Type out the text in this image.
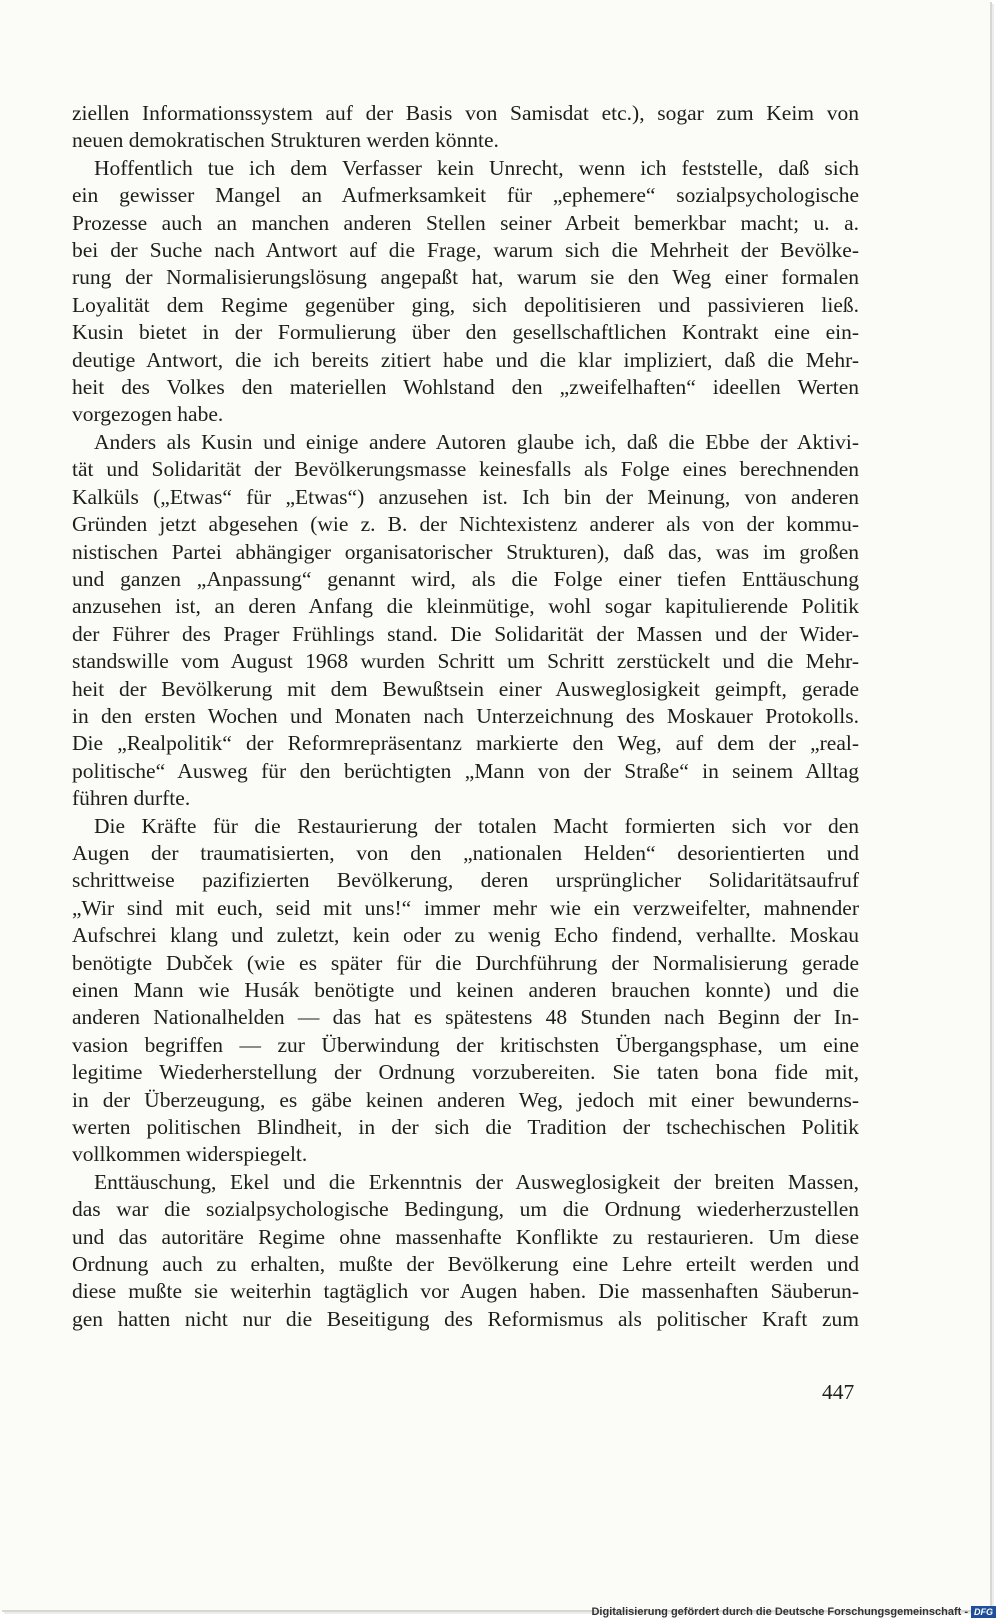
ziellen Informationssystem auf der Basis von Samisdat etc.), sogar zum Keim von
neuen demokratischen Strukturen werden könnte.
Hoffentlich tue ich dem Verfasser kein Unrecht, wenn ich feststelle, daß sich
ein gewisser Mangel an Aufmerksamkeit für „ephemere“ sozialpsychologische
Prozesse auch an manchen anderen Stellen seiner Arbeit bemerkbar macht; u. a.
bei der Suche nach Antwort auf die Frage, warum sich die Mehrheit der Bevölke-
rung der Normalisierungslösung angepaßt hat, warum sie den Weg einer formalen
Loyalität dem Regime gegenüber ging, sich depolitisieren und passivieren ließ.
Kusin bietet in der Formulierung über den gesellschaftlichen Kontrakt eine ein-
deutige Antwort, die ich bereits zitiert habe und die klar impliziert, daß die Mehr-
heit des Volkes den materiellen Wohlstand den „zweifelhaften“ ideellen Werten
vorgezogen habe.
Anders als Kusin und einige andere Autoren glaube ich, daß die Ebbe der Aktivi-
tät und Solidarität der Bevölkerungsmasse keinesfalls als Folge eines berechnenden
Kalküls („Etwas“ für „Etwas“) anzusehen ist. Ich bin der Meinung, von anderen
Gründen jetzt abgesehen (wie z. B. der Nichtexistenz anderer als von der kommu-
nistischen Partei abhängiger organisatorischer Strukturen), daß das, was im großen
und ganzen „Anpassung“ genannt wird, als die Folge einer tiefen Enttäuschung
anzusehen ist, an deren Anfang die kleinmütige, wohl sogar kapitulierende Politik
der Führer des Prager Frühlings stand. Die Solidarität der Massen und der Wider-
standswille vom August 1968 wurden Schritt um Schritt zerstückelt und die Mehr-
heit der Bevölkerung mit dem Bewußtsein einer Ausweglosigkeit geimpft, gerade
in den ersten Wochen und Monaten nach Unterzeichnung des Moskauer Protokolls.
Die „Realpolitik“ der Reformrepräsentanz markierte den Weg, auf dem der „real-
politische“ Ausweg für den berüchtigten „Mann von der Straße“ in seinem Alltag
führen durfte.
Die Kräfte für die Restaurierung der totalen Macht formierten sich vor den
Augen der traumatisierten, von den „nationalen Helden“ desorientierten und
schrittweise pazifizierten Bevölkerung, deren ursprünglicher Solidaritätsaufruf
„Wir sind mit euch, seid mit uns!“ immer mehr wie ein verzweifelter, mahnender
Aufschrei klang und zuletzt, kein oder zu wenig Echo findend, verhallte. Moskau
benötigte Dubček (wie es später für die Durchführung der Normalisierung gerade
einen Mann wie Husák benötigte und keinen anderen brauchen konnte) und die
anderen Nationalhelden — das hat es spätestens 48 Stunden nach Beginn der In-
vasion begriffen — zur Überwindung der kritischsten Übergangsphase, um eine
legitime Wiederherstellung der Ordnung vorzubereiten. Sie taten bona fide mit,
in der Überzeugung, es gäbe keinen anderen Weg, jedoch mit einer bewunderns-
werten politischen Blindheit, in der sich die Tradition der tschechischen Politik
vollkommen widerspiegelt.
Enttäuschung, Ekel und die Erkenntnis der Ausweglosigkeit der breiten Massen,
das war die sozialpsychologische Bedingung, um die Ordnung wiederherzustellen
und das autoritäre Regime ohne massenhafte Konflikte zu restaurieren. Um diese
Ordnung auch zu erhalten, mußte der Bevölkerung eine Lehre erteilt werden und
diese mußte sie weiterhin tagtäglich vor Augen haben. Die massenhaften Säuberun-
gen hatten nicht nur die Beseitigung des Reformismus als politischer Kraft zum
447
Digitalisierung gefördert durch die Deutsche Forschungsgemeinschaft - DFG
